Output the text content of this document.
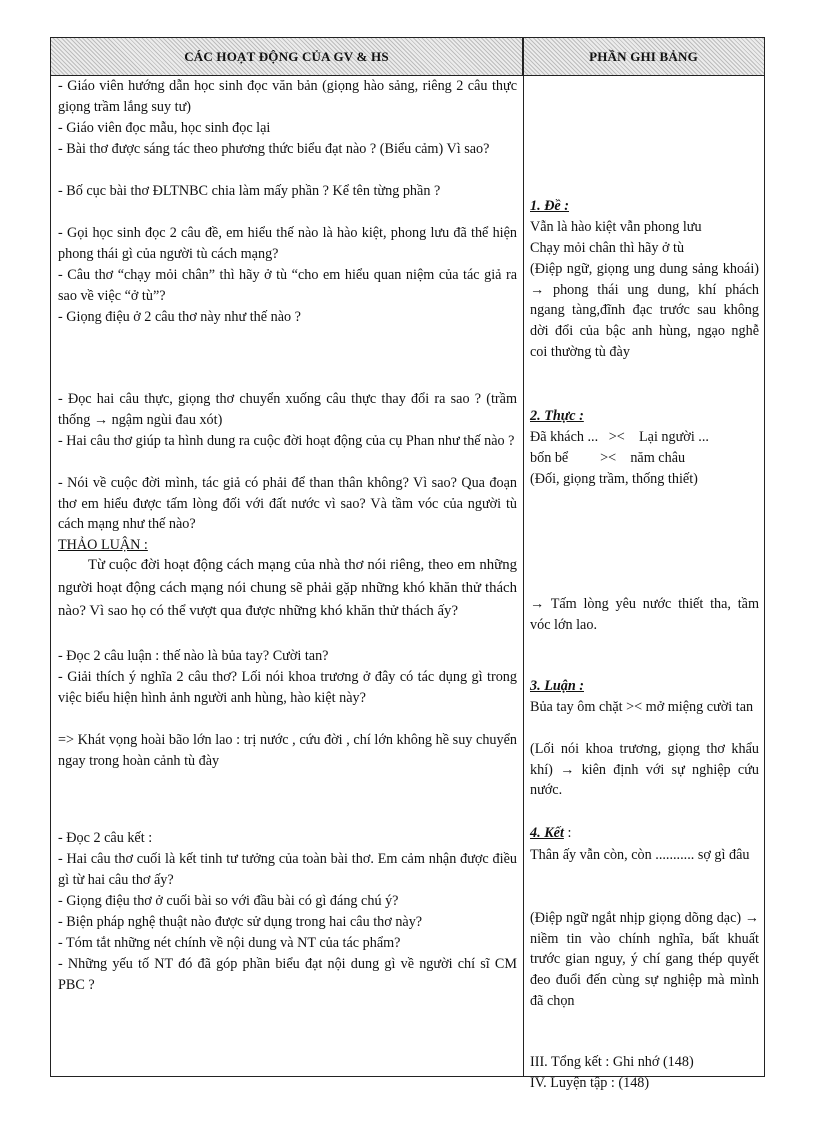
CÁC HOẠT ĐỘNG CỦA GV & HS	PHẦN GHI BẢNG

- Giáo viên hướng dẫn học sinh đọc văn bản (giọng hào sảng, riêng 2 câu thực giọng trầm lắng suy tư)

- Giáo viên đọc mẫu, học sinh đọc lại

- Bài thơ được sáng tác theo phương thức biểu đạt nào ? (Biểu cảm) Vì sao?

- Bố cục bài thơ ĐLTNBC chia làm mấy phần ? Kể tên từng phần ?

- Gọi học sinh đọc 2 câu đề, em hiểu thế nào là hào kiệt, phong lưu đã thể hiện phong thái gì của người tù cách mạng?

- Câu thơ “chạy mỏi chân” thì hãy ở tù “cho em hiểu quan niệm của tác giả ra sao về việc “ở tù”?

- Giọng điệu ở 2 câu thơ này như thế nào ?

- Đọc hai câu thực, giọng thơ chuyển xuống câu thực thay đổi ra sao ? (trầm thống → ngậm ngùi đau xót)

- Hai câu thơ giúp ta hình dung ra cuộc đời hoạt động của cụ Phan như thế nào ?

- Nói về cuộc đời mình, tác giả có phải để than thân không? Vì sao? Qua đoạn thơ em hiểu được tấm lòng đối với đất nước vì sao? Và tầm vóc của người tù cách mạng như thế nào?

THẢO LUẬN :

Từ cuộc đời hoạt động cách mạng của nhà thơ nói riêng, theo em những người hoạt động cách mạng nói chung sẽ phải gặp những khó khăn thử thách nào? Vì sao họ có thể vượt qua được những khó khăn thử thách ấy?

- Đọc 2 câu luận : thế nào là bủa tay? Cười tan?

- Giải thích ý nghĩa 2 câu thơ? Lối nói khoa trương ở đây có tác dụng gì trong việc biểu hiện hình ảnh người anh hùng, hào kiệt này?

=> Khát vọng hoài bão lớn lao : trị nước , cứu đời , chí lớn không hề suy chuyển ngay trong hoàn cảnh tù đày

- Đọc 2 câu kết :

- Hai câu thơ cuối là kết tinh tư tưởng của toàn bài thơ. Em cảm nhận được điều gì từ hai câu thơ ấy?

- Giọng điệu thơ ở cuối bài so với đầu bài có gì đáng chú ý?

- Biện pháp nghệ thuật nào được sử dụng trong hai câu thơ này?

- Tóm tắt những nét chính về nội dung và NT của tác phẩm?

- Những yếu tố NT đó đã góp phần biểu đạt nội dung gì về người chí sĩ CM PBC ?

1. Đề :

Vẫn là hào kiệt vẫn phong lưu

Chạy mỏi chân thì hãy ở tù

(Điệp ngữ, giọng ung dung sảng khoái) → phong thái ung dung, khí phách ngang tàng,đĩnh đạc trước sau không dời đổi của bậc anh hùng, ngạo nghễ coi thường tù đày

2. Thực :

Đã khách ...   ><    Lại người ...

bốn bể         ><    năm châu

(Đối, giọng trầm, thống thiết)

→ Tấm lòng yêu nước thiết tha, tầm vóc lớn lao.

3. Luận :

Bủa tay ôm chặt >< mở miệng cười tan

(Lối nói khoa trương, giọng thơ khẩu khí) → kiên định với sự nghiệp cứu nước.

4. Kết :

Thân ấy vẫn còn, còn ........... sợ gì đâu

(Điệp ngữ ngắt nhịp giọng dõng dạc) → niềm tin vào chính nghĩa, bất khuất trước gian nguy, ý chí gang thép quyết đeo đuổi đến cùng sự nghiệp mà mình đã chọn

III. Tổng kết : Ghi nhớ (148)

IV. Luyện tập : (148)
